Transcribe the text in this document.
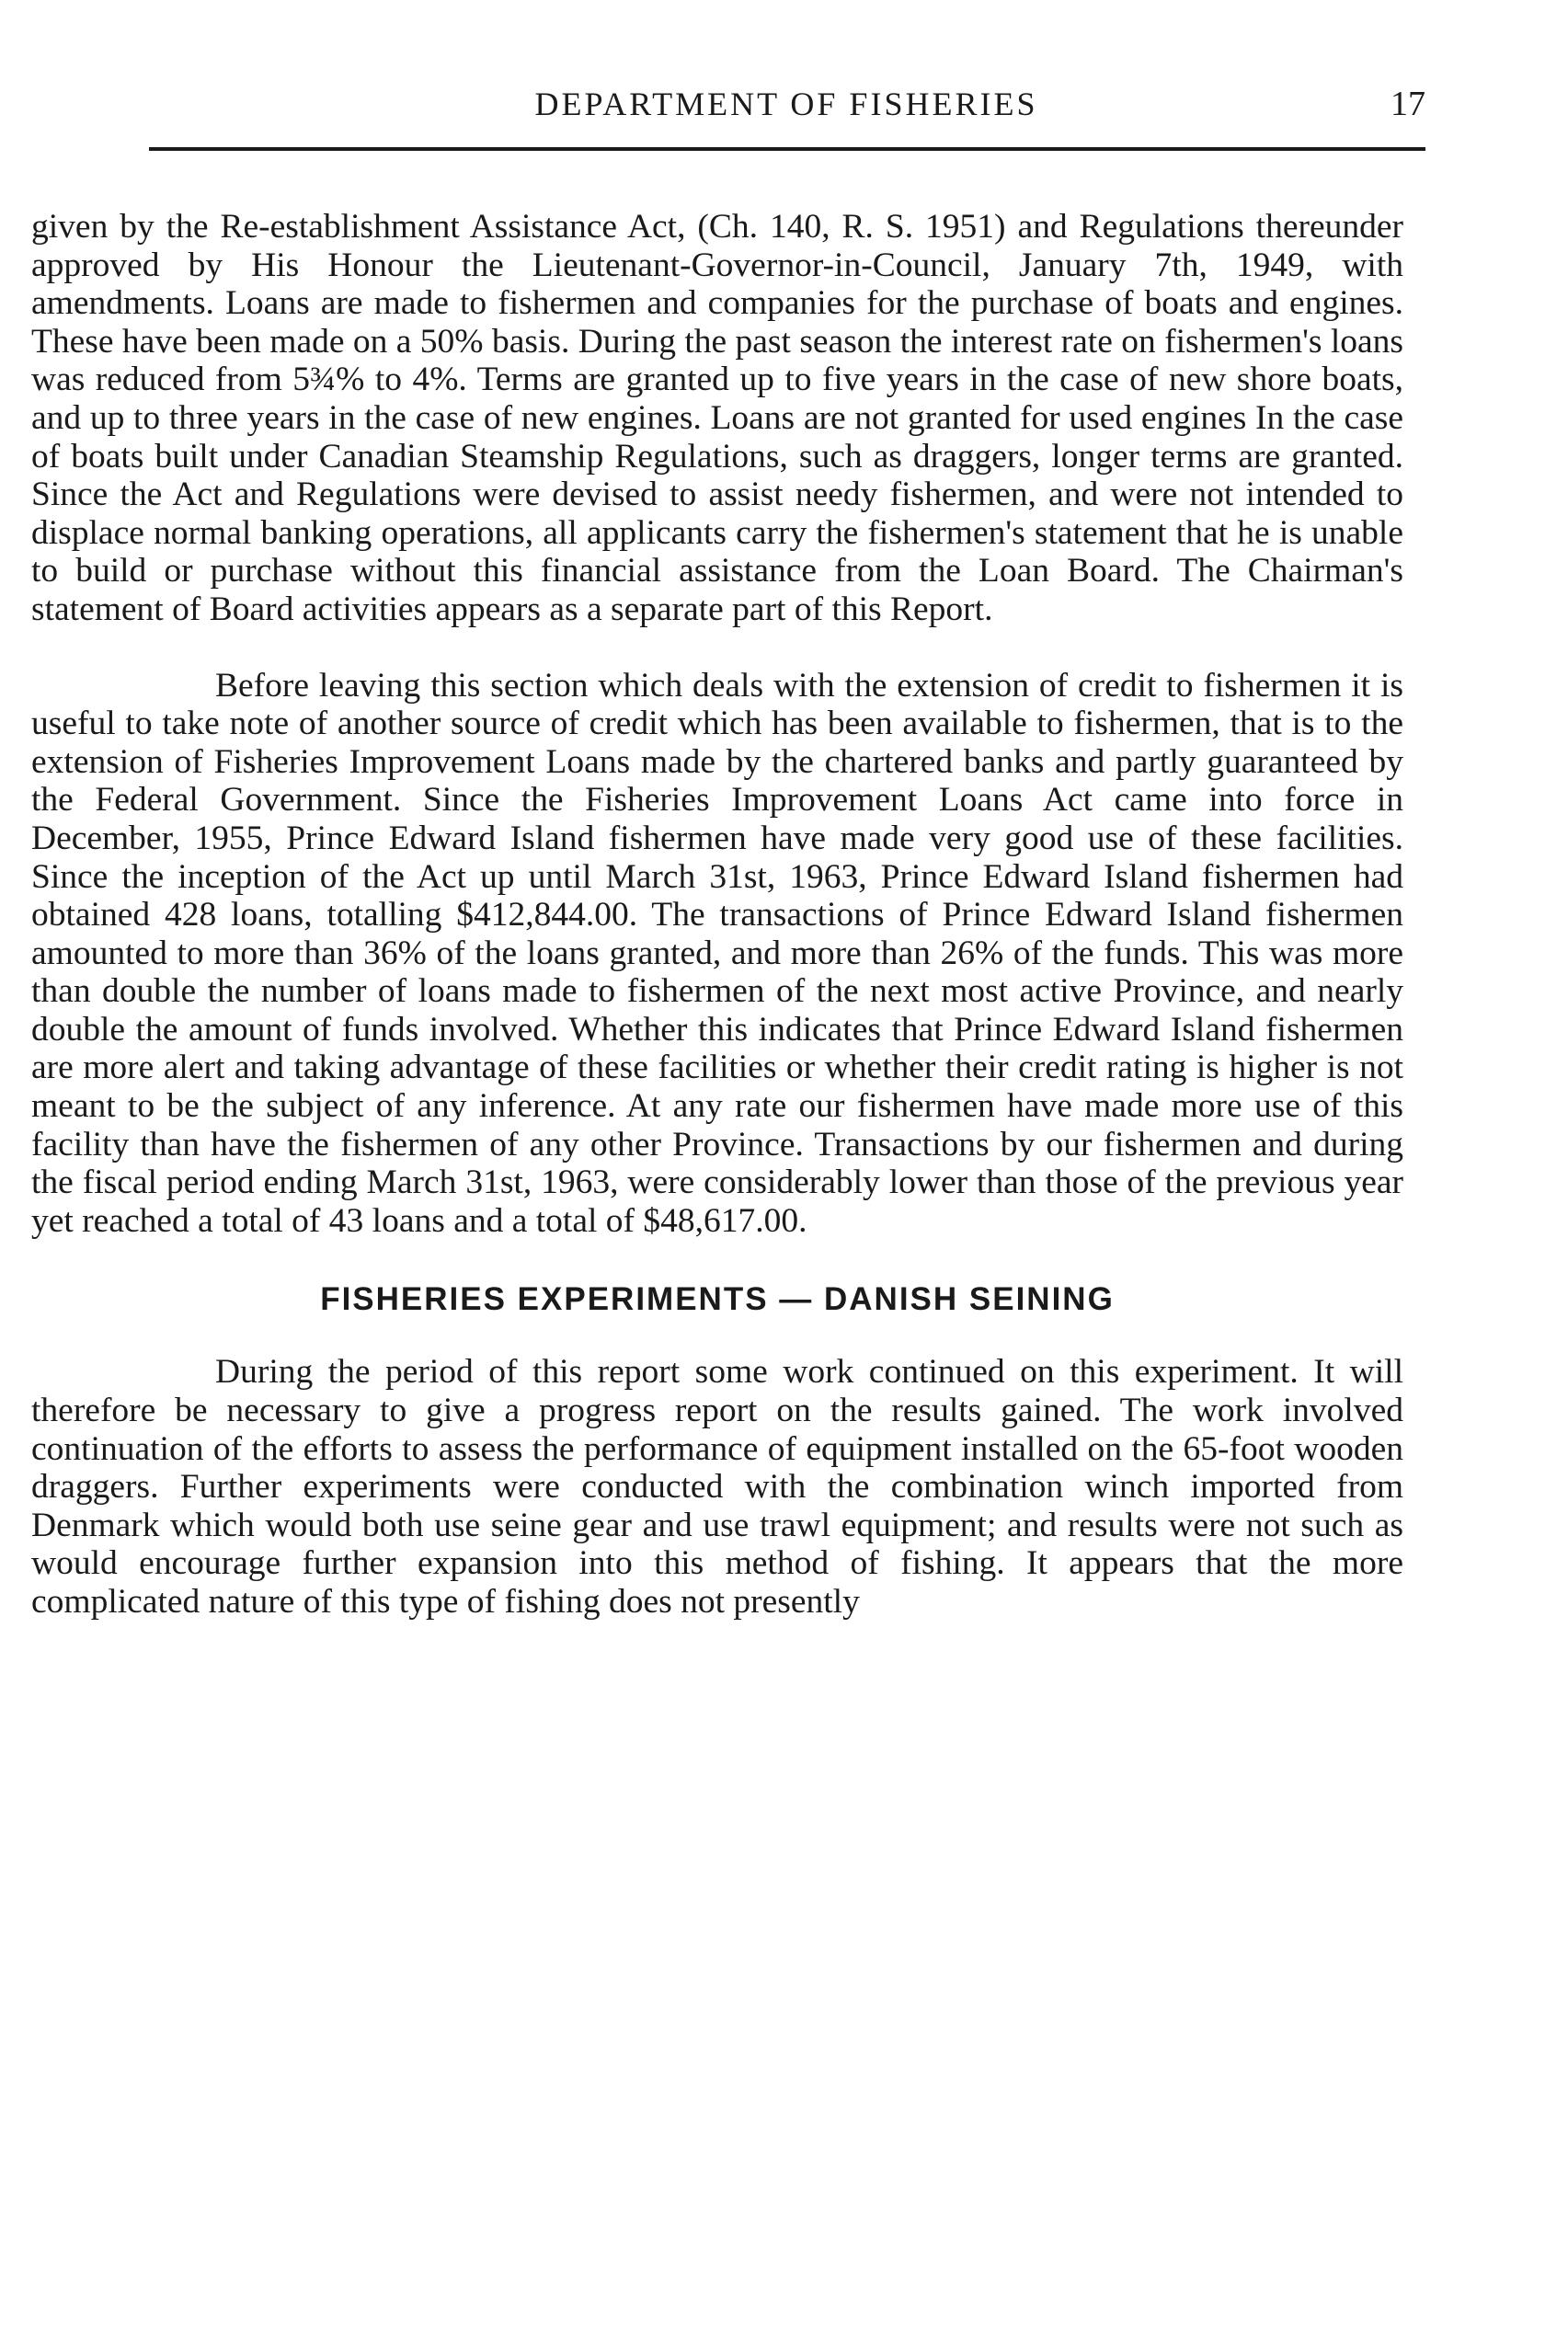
DEPARTMENT OF FISHERIES	17

given by the Re-establishment Assistance Act, (Ch. 140, R. S. 1951) and Regulations thereunder approved by His Honour the Lieutenant-Governor-in-Council, January 7th, 1949, with amendments. Loans are made to fishermen and companies for the purchase of boats and engines. These have been made on a 50% basis. During the past season the interest rate on fishermen's loans was reduced from 5¾% to 4%. Terms are granted up to five years in the case of new shore boats, and up to three years in the case of new engines. Loans are not granted for used engines In the case of boats built under Canadian Steamship Regulations, such as draggers, longer terms are granted. Since the Act and Regulations were devised to assist needy fishermen, and were not intended to displace normal banking operations, all applicants carry the fishermen's statement that he is unable to build or purchase without this financial assistance from the Loan Board. The Chairman's statement of Board activities appears as a separate part of this Report.

Before leaving this section which deals with the extension of credit to fishermen it is useful to take note of another source of credit which has been available to fishermen, that is to the extension of Fisheries Improvement Loans made by the chartered banks and partly guaranteed by the Federal Government. Since the Fisheries Improvement Loans Act came into force in December, 1955, Prince Edward Island fishermen have made very good use of these facilities. Since the inception of the Act up until March 31st, 1963, Prince Edward Island fishermen had obtained 428 loans, totalling $412,844.00. The transactions of Prince Edward Island fishermen amounted to more than 36% of the loans granted, and more than 26% of the funds. This was more than double the number of loans made to fishermen of the next most active Province, and nearly double the amount of funds involved. Whether this indicates that Prince Edward Island fishermen are more alert and taking advantage of these facilities or whether their credit rating is higher is not meant to be the subject of any inference. At any rate our fishermen have made more use of this facility than have the fishermen of any other Province. Transactions by our fishermen and during the fiscal period ending March 31st, 1963, were considerably lower than those of the previous year yet reached a total of 43 loans and a total of $48,617.00.

FISHERIES EXPERIMENTS — DANISH SEINING

During the period of this report some work continued on this experiment. It will therefore be necessary to give a progress report on the results gained. The work involved continuation of the efforts to assess the performance of equipment installed on the 65-foot wooden draggers. Further experiments were conducted with the combination winch imported from Denmark which would both use seine gear and use trawl equipment; and results were not such as would encourage further expansion into this method of fishing. It appears that the more complicated nature of this type of fishing does not presently
